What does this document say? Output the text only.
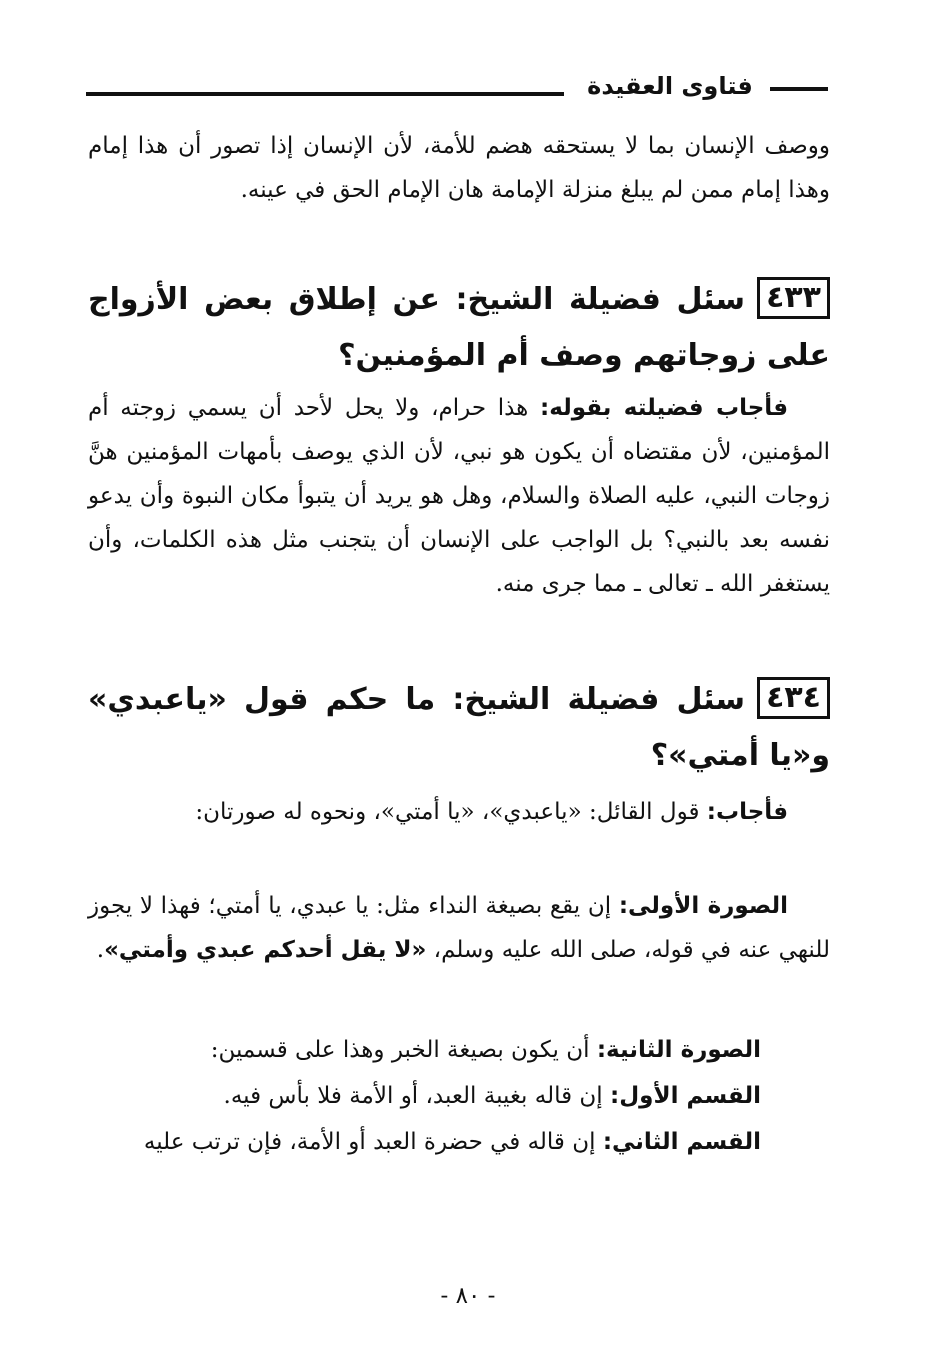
فتاوى العقيدة
ووصف الإنسان بما لا يستحقه هضم للأمة، لأن الإنسان إذا تصور أن هذا إمام وهذا إمام ممن لم يبلغ منزلة الإمامة هان الإمام الحق في عينه.
٤٣٣سئل فضيلة الشيخ: عن إطلاق بعض الأزواج على زوجاتهم وصف أم المؤمنين؟
فأجاب فضيلته بقوله: هذا حرام، ولا يحل لأحد أن يسمي زوجته أم المؤمنين، لأن مقتضاه أن يكون هو نبي، لأن الذي يوصف بأمهات المؤمنين هنَّ زوجات النبي، عليه الصلاة والسلام، وهل هو يريد أن يتبوأ مكان النبوة وأن يدعو نفسه بعد بالنبي؟ بل الواجب على الإنسان أن يتجنب مثل هذه الكلمات، وأن يستغفر الله ـ تعالى ـ مما جرى منه.
٤٣٤سئل فضيلة الشيخ: ما حكم قول «ياعبدي» و«يا أمتي»؟
فأجاب: قول القائل: «ياعبدي»، «يا أمتي»، ونحوه له صورتان:
الصورة الأولى: إن يقع بصيغة النداء مثل: يا عبدي، يا أمتي؛ فهذا لا يجوز للنهي عنه في قوله، صلى الله عليه وسلم، «لا يقل أحدكم عبدي وأمتي».
الصورة الثانية: أن يكون بصيغة الخبر وهذا على قسمين:
القسم الأول: إن قاله بغيبة العبد، أو الأمة فلا بأس فيه.
القسم الثاني: إن قاله في حضرة العبد أو الأمة، فإن ترتب عليه
- ٨٠ -
